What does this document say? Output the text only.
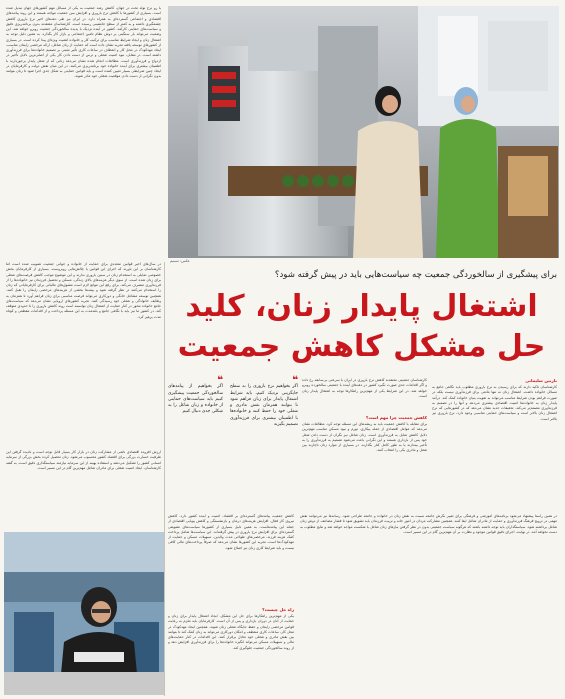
عکس: تسنیم
برای پیشگیری از سالخوردگی جمعیت چه سیاست‌هایی باید در پیش گرفته شود؟
اشتغال پایدار زنان، کلید
حل مشکل کاهش جمعیت

با رو نرخ تولد تخت در جهان، کاهش رشد جمعیت به یکی از مسائل مهم کشورهای جهان تبدیل شده است. بسیاری از کشورها با کاهش نرخ باروری و افزایش سن جمعیت مواجه هستند و این روند پیامدهای اقتصادی و اجتماعی گسترده‌ای به همراه دارد. در ایران نیز طی دهه‌های اخیر نرخ باروری کاهش چشمگیری داشته و به کمتر از سطح جانشینی رسیده است. کارشناسان معتقدند بدون برنامه‌ریزی دقیق و سیاست‌های حمایتی کارآمد، کشور در آینده نزدیک با پدیده سالخوردگی جمعیت روبرو خواهد شد. این وضعیت می‌تواند بار سنگینی بر دوش نظام تامین اجتماعی و بازار کار بگذارد. به همین دلیل توجه به اشتغال زنان و ایجاد شرایط مناسب برای ترکیب کار و خانواده اهمیت ویژه‌ای پیدا کرده است. در بسیاری از کشورهای توسعه یافته تجربه نشان داده است که حمایت از زنان شاغل، ارائه مرخصی زایمان مناسب، ایجاد مهدکودک در محل کار و انعطاف در ساعات کاری تأثیر مثبتی بر تصمیم خانواده‌ها برای فرزندآوری داشته است. در مقابل، نبود امنیت شغلی و ترس از دست دادن کار یکی از اصلی‌ترین دلایل تأخیر در ازدواج و فرزندآوری است. مطالعات انجام شده نشان می‌دهد زنانی که از شغل پایدار برخوردارند با اطمینان بیشتری برای آینده خانواده خود برنامه‌ریزی می‌کنند. در این میان نقش دولت و کارفرمایان در ایجاد چنین شرایطی بسیار تعیین کننده است و باید قوانین حمایتی به شکل جدی اجرا شود تا زنان بتوانند بدون نگرانی از دست دادن موقعیت شغلی خود مادر شوند.

در سال‌های اخیر قوانین متعددی برای حمایت از خانواده و جوانی جمعیت تصویب شده است اما کارشناسان بر این باورند که اجرای این قوانین با چالش‌هایی روبروست. بسیاری از کارفرمایان بخش خصوصی تمایلی به استخدام زنان در سنین باروری ندارند و این موضوع موجب کاهش فرصت‌های شغلی برای زنان شده است. از سوی دیگر هزینه‌های بالای زندگی، مسکن و تحصیل فرزندان نیز خانواده‌ها را از فرزندآوری منصرف می‌کند. برای رفع این موانع لازم است مشوق‌های مالیاتی برای کارفرمایانی که زنان را استخدام می‌کنند در نظر گرفته شود و بیمه‌ها بخشی از هزینه‌های مرخصی زایمان را تقبل کنند. همچنین توسعه مشاغل خانگی و دورکاری می‌تواند فرصت مناسبی برای زنان فراهم آورد تا همزمان به وظایف خانوادگی و شغلی خود رسیدگی کنند. تجربه کشورهای اروپایی نشان می‌دهد که سیاست‌های جامع خانواده محور در کنار حمایت از اشتغال زنان توانسته است روند کاهش باروری را تا حدودی متوقف کند. در کشور ما نیز باید با نگاهی جامع و بلندمدت به این مسئله پرداخت و از اقدامات مقطعی و کوتاه مدت پرهیز کرد.

ارزش افزوده اقتصادی ناشی از مشارکت زنان در بازار کار بسیار قابل توجه است و نادیده گرفتن این ظرفیت خسارت بزرگی برای اقتصاد کشور محسوب می‌شود. زنان تحصیل کرده بخش بزرگی از سرمایه انسانی کشور را تشکیل می‌دهند و استفاده بهینه از این سرمایه نیازمند سیاستگذاری دقیق است. به گفته کارشناسان، ایجاد امنیت شغلی برای مادران شاغل مهم‌ترین گام در این مسیر است.

❝
اگر بخواهیم از پیامدهای سالخوردگی جمعیت پیشگیری کنیم باید سیاست‌های حمایتی از خانواده و زنان شاغل را به شکلی جدی دنبال کنیم
❝
اگر بخواهیم نرخ باروری را به سطح جایگزینی نزدیک کنیم، باید شرایط اشتغال پایدار برای زنان فراهم شود تا بتوانند همزمان نقش مادری و شغلی خود را حفظ کنند و خانواده‌ها با اطمینان بیشتری برای فرزندآوری تصمیم بگیرند

کارشناسان جمعیتی معتقدند کاهش نرخ باروری در ایران با سرعتی بی‌سابقه رخ داده و اگر اقدامات جدی صورت نگیرد کشور در دهه‌های آینده با جمعیتی سالخورده روبرو خواهد شد. در این شرایط یکی از مهم‌ترین راهکارها توجه به اشتغال پایدار زنان است.

کاهش جمعیت چرا مهم است؟

برای مقابله با کاهش جمعیت باید به ریشه‌های این مسئله توجه کرد. مطالعات نشان می‌دهد که عوامل اقتصادی از جمله بیکاری، تورم و نبود مسکن مناسب مهم‌ترین دلایل کاهش تمایل به فرزندآوری است. زنان شاغل نیز نگران از دست دادن شغل خود پس از بارداری هستند و این نگرانی باعث می‌شود تصمیم به فرزندآوری را به تأخیر بیندازند یا به طور کامل کنار بگذارند. در بسیاری از موارد زنان ناچارند بین شغل و مادری یکی را انتخاب کنند.

کاهش جمعیت پیامدهای گسترده‌ای بر اقتصاد، امنیت و آینده کشور دارد. کاهش نیروی کار فعال، افزایش هزینه‌های درمان و بازنشستگی و کاهش پویایی اقتصادی از جمله این پیامدهاست. به همین دلیل بسیاری از کشورها سیاست‌های تشویقی گسترده‌ای برای افزایش نرخ باروری در پیش گرفته‌اند. این سیاست‌ها شامل پرداخت کمک هزینه فرزند، مرخصی‌های طولانی مدت والدین، تسهیلات مسکن و حمایت از مهدکودک‌ها است. تجربه این کشورها نشان می‌دهد که صرفاً پرداخت‌های مالی کافی نیست و باید شرایط کاری زنان نیز اصلاح شود.

راه حل چیست؟

یکی از مهم‌ترین راهکارها برای حل این مشکل، ایجاد اشتغال پایدار برای زنان و حمایت از آنان در دوران بارداری و پس از آن است. کارفرمایان باید ملزم به رعایت قوانین مرخصی زایمان و حفظ جایگاه شغلی زنان شوند. همچنین ایجاد مهدکودک در محل کار، ساعات کاری منعطف و امکان دورکاری می‌تواند به زنان کمک کند تا بتوانند بین نقش مادری و شغلی خود تعادل برقرار کنند. این اقدامات در کنار حمایت‌های مالی و تسهیلات مسکن می‌تواند انگیزه خانواده‌ها را برای فرزندآوری افزایش دهد و از روند سالخوردگی جمعیت جلوگیری کند.

نازنین سلیمانی

کارشناسان تاکید دارند که برای رسیدن به نرخ باروری مطلوب باید نگاهی جامع به مسائل خانواده داشت. اشتغال زنان نه تنها مانعی برای فرزندآوری نیست بلکه در صورت فراهم بودن شرایط مناسب می‌تواند به تقویت بنیان خانواده کمک کند. درآمد پایدار زنان به خانواده‌ها امنیت اقتصادی بیشتری می‌دهد و آنها را در تصمیم به فرزندآوری مصمم‌تر می‌کند. تحقیقات جدید نشان می‌دهد که در کشورهایی که نرخ اشتغال زنان بالاتر است و سیاست‌های حمایتی مناسبی وجود دارد، نرخ باروری نیز بالاتر است.

در همین راستا پیشنهاد می‌شود برنامه‌های آموزشی و فرهنگی برای تغییر نگرش جامعه نسبت به نقش زنان در خانواده و جامعه طراحی شود. رسانه‌ها نیز می‌توانند نقش مهمی در ترویج فرهنگ فرزندآوری و حمایت از مادران شاغل ایفا کنند. همچنین مشارکت مردان در امور خانه و تربیت فرزندان باید تشویق شود تا فشار مضاعف از دوش زنان شاغل برداشته شود. سیاستگذاران باید توجه داشته باشند که هرگونه سیاست جمعیتی بدون در نظر گرفتن نیازهای زنان شاغل با شکست مواجه خواهد شد و نتایج مطلوب به دست نخواهد آمد. در نهایت، اجرای دقیق قوانین موجود و نظارت بر آن مهم‌ترین گام در این مسیر است.
